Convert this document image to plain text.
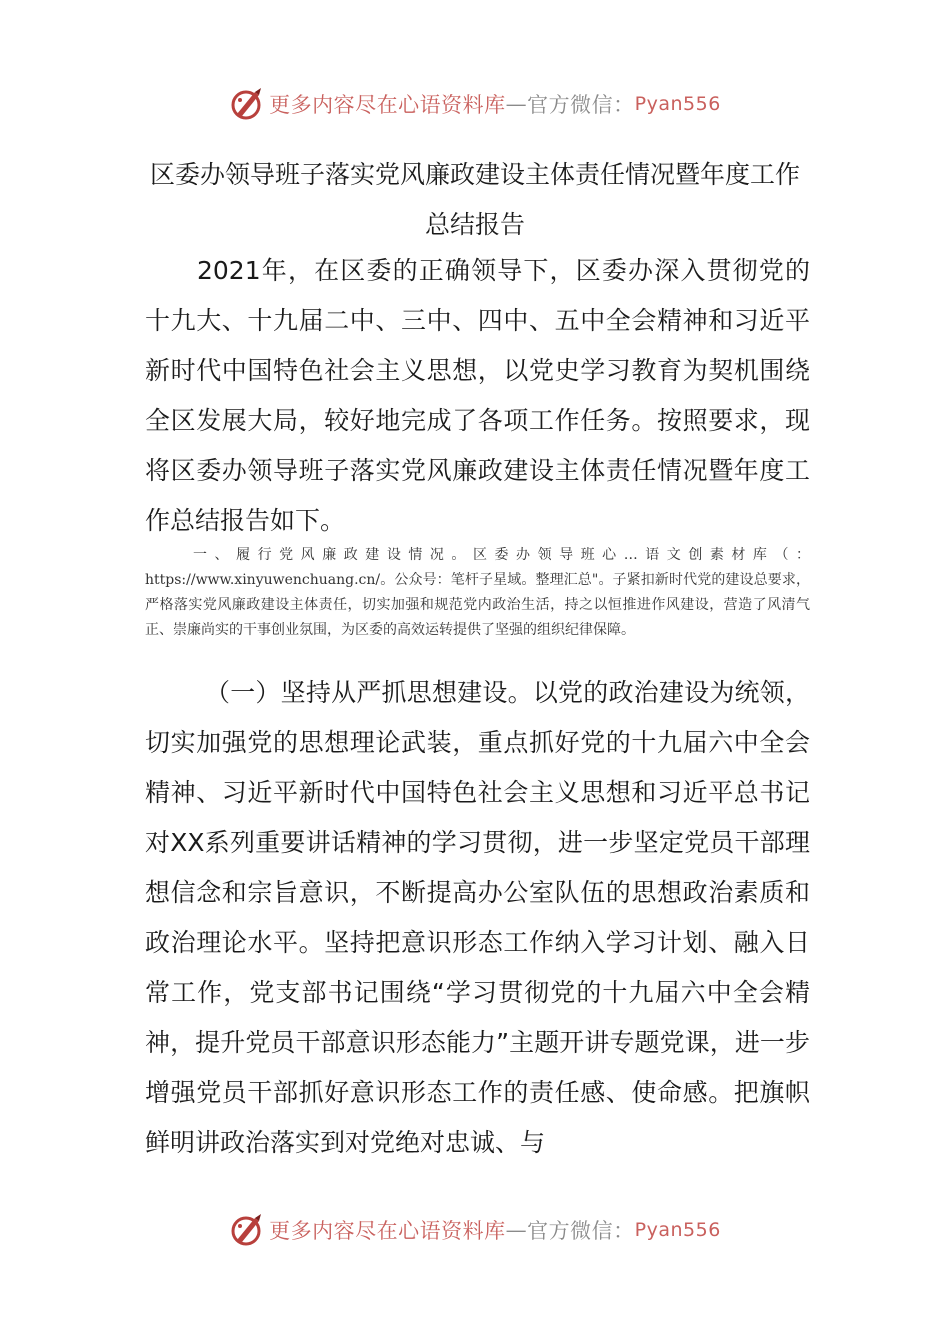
更多内容尽在心语资料库 — 官方微信： Pyan556
区委办领导班子落实党风廉政建设主体责任情况暨年度工作总结报告
2021年，在区委的正确领导下，区委办深入贯彻党的十九大、十九届二中、三中、四中、五中全会精神和习近平新时代中国特色社会主义思想，以党史学习教育为契机围绕全区发展大局，较好地完成了各项工作任务。按照要求，现将区委办领导班子落实党风廉政建设主体责任情况暨年度工作总结报告如下。
一、履行党风廉政建设情况。区委办领导班心…语文创素材库（：https://www.xinyuwenchuang.cn/。公众号：笔杆子星域。整理汇总"。子紧扣新时代党的建设总要求，严格落实党风廉政建设主体责任，切实加强和规范党内政治生活，持之以恒推进作风建设，营造了风清气正、崇廉尚实的干事创业氛围，为区委的高效运转提供了坚强的组织纪律保障。
（一）坚持从严抓思想建设。以党的政治建设为统领，切实加强党的思想理论武装，重点抓好党的十九届六中全会精神、习近平新时代中国特色社会主义思想和习近平总书记对XX系列重要讲话精神的学习贯彻，进一步坚定党员干部理想信念和宗旨意识，不断提高办公室队伍的思想政治素质和政治理论水平。坚持把意识形态工作纳入学习计划、融入日常工作，党支部书记围绕“学习贯彻党的十九届六中全会精神，提升党员干部意识形态能力”主题开讲专题党课，进一步增强党员干部抓好意识形态工作的责任感、使命感。把旗帜鲜明讲政治落实到对党绝对忠诚、与
更多内容尽在心语资料库 — 官方微信： Pyan556
